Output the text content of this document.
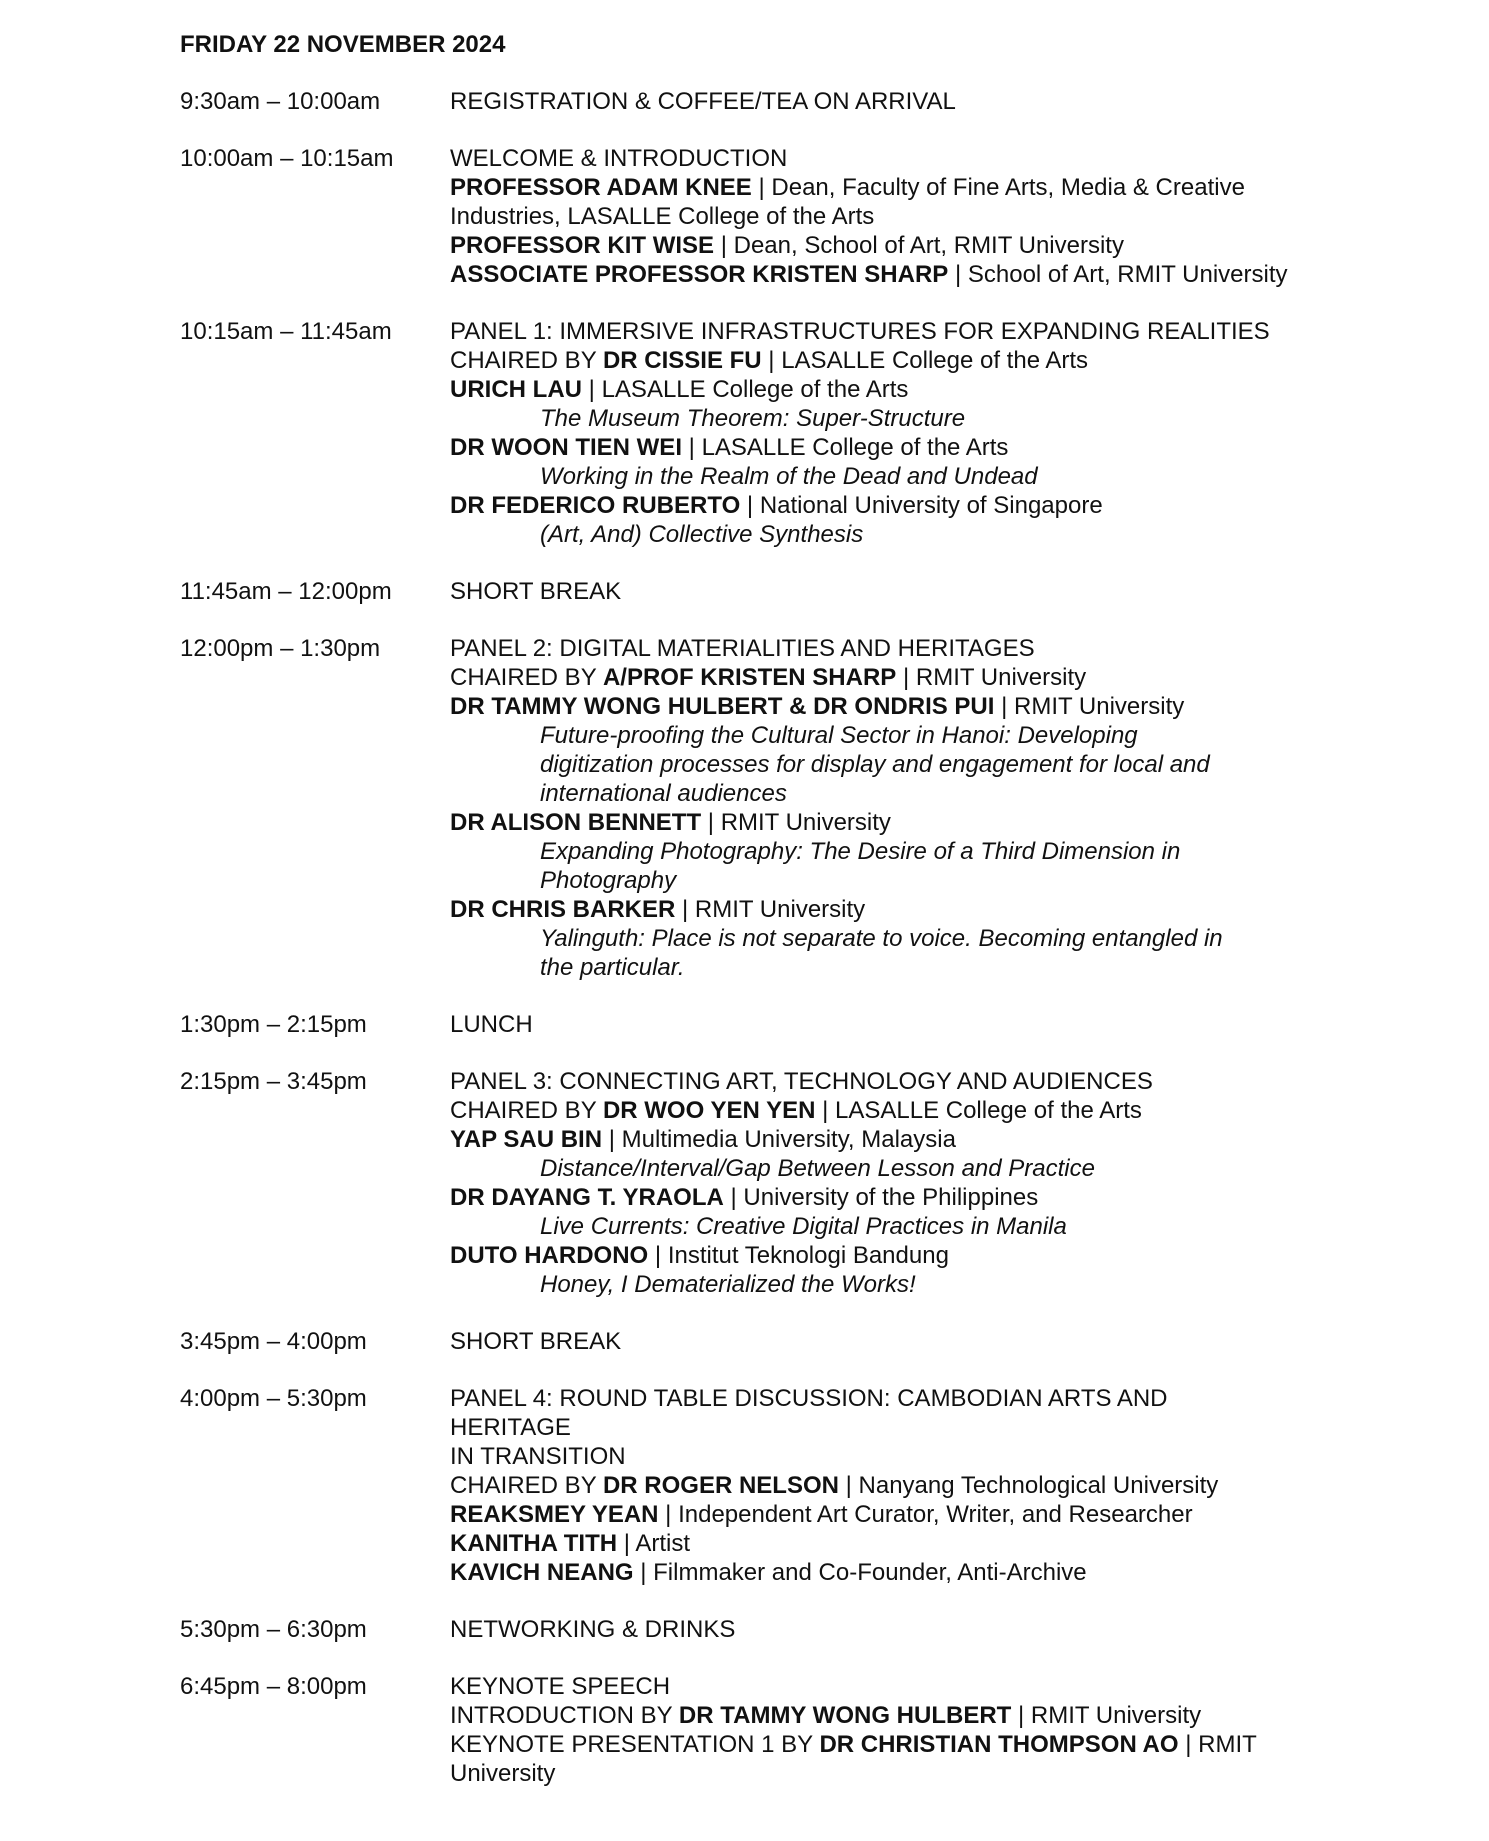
FRIDAY 22 NOVEMBER 2024
9:30am – 10:00am	REGISTRATION & COFFEE/TEA ON ARRIVAL
10:00am – 10:15am	WELCOME & INTRODUCTION
PROFESSOR ADAM KNEE | Dean, Faculty of Fine Arts, Media & Creative Industries, LASALLE College of the Arts
PROFESSOR KIT WISE | Dean, School of Art, RMIT University
ASSOCIATE PROFESSOR KRISTEN SHARP | School of Art, RMIT University
10:15am – 11:45am	PANEL 1: IMMERSIVE INFRASTRUCTURES FOR EXPANDING REALITIES
CHAIRED BY DR CISSIE FU | LASALLE College of the Arts
URICH LAU | LASALLE College of the Arts
The Museum Theorem: Super-Structure
DR WOON TIEN WEI | LASALLE College of the Arts
Working in the Realm of the Dead and Undead
DR FEDERICO RUBERTO | National University of Singapore
(Art, And) Collective Synthesis
11:45am – 12:00pm	SHORT BREAK
12:00pm – 1:30pm	PANEL 2: DIGITAL MATERIALITIES AND HERITAGES
CHAIRED BY A/PROF KRISTEN SHARP | RMIT University
DR TAMMY WONG HULBERT & DR ONDRIS PUI | RMIT University
Future-proofing the Cultural Sector in Hanoi: Developing digitization processes for display and engagement for local and international audiences
DR ALISON BENNETT | RMIT University
Expanding Photography: The Desire of a Third Dimension in Photography
DR CHRIS BARKER | RMIT University
Yalinguth: Place is not separate to voice. Becoming entangled in the particular.
1:30pm – 2:15pm	LUNCH
2:15pm – 3:45pm	PANEL 3: CONNECTING ART, TECHNOLOGY AND AUDIENCES
CHAIRED BY DR WOO YEN YEN | LASALLE College of the Arts
YAP SAU BIN | Multimedia University, Malaysia
Distance/Interval/Gap Between Lesson and Practice
DR DAYANG T. YRAOLA | University of the Philippines
Live Currents: Creative Digital Practices in Manila
DUTO HARDONO | Institut Teknologi Bandung
Honey, I Dematerialized the Works!
3:45pm – 4:00pm	SHORT BREAK
4:00pm – 5:30pm	PANEL 4: ROUND TABLE DISCUSSION: CAMBODIAN ARTS AND HERITAGE
IN TRANSITION
CHAIRED BY DR ROGER NELSON | Nanyang Technological University
REAKSMEY YEAN | Independent Art Curator, Writer, and Researcher
KANITHA TITH | Artist
KAVICH NEANG | Filmmaker and Co-Founder, Anti-Archive
5:30pm – 6:30pm	NETWORKING & DRINKS
6:45pm – 8:00pm	KEYNOTE SPEECH
INTRODUCTION BY DR TAMMY WONG HULBERT | RMIT University
KEYNOTE PRESENTATION 1 BY DR CHRISTIAN THOMPSON AO | RMIT University
